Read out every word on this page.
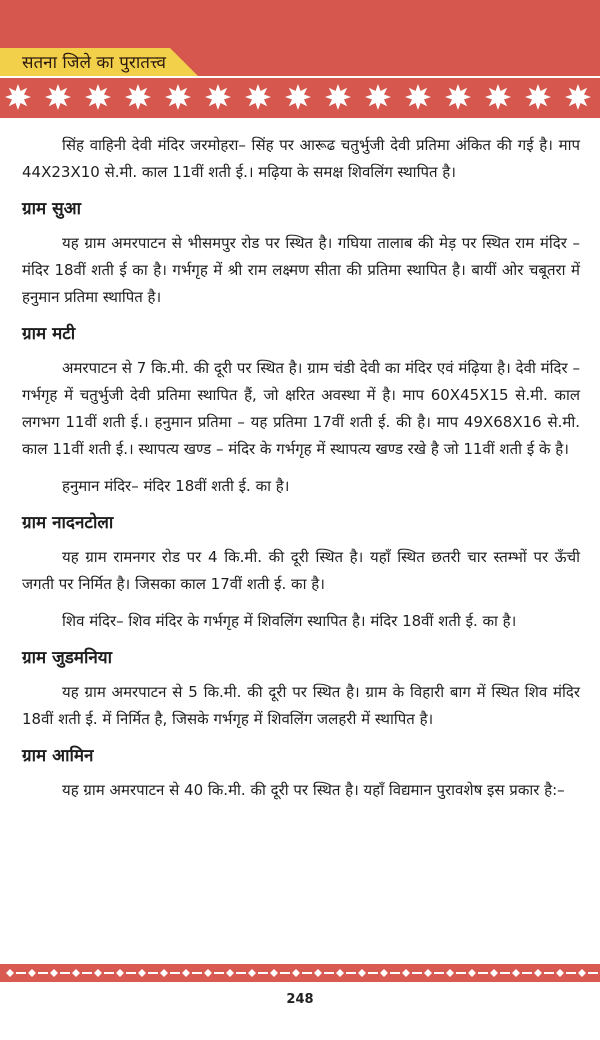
सतना जिले का पुरातत्त्व

सिंह वाहिनी देवी मंदिर जरमोहरा– सिंह पर आरूढ चतुर्भुजी देवी प्रतिमा अंकित की गई है। माप 44X23X10 से.मी. काल 11वीं शती ई.। मढ़िया के समक्ष शिवलिंग स्थापित है।

ग्राम सुआ

यह ग्राम अमरपाटन से भीसमपुर रोड पर स्थित है। गघिया तालाब की मेड़ पर स्थित राम मंदिर – मंदिर 18वीं शती ई का है। गर्भगृह में श्री राम लक्ष्मण सीता की प्रतिमा स्थापित है। बायीं ओर चबूतरा में हनुमान प्रतिमा स्थापित है।

ग्राम मटी

अमरपाटन से 7 कि.मी. की दूरी पर स्थित है। ग्राम चंडी देवी का मंदिर एवं मंढ़िया है। देवी मंदिर –गर्भगृह में चतुर्भुजी देवी प्रतिमा स्थापित हैं, जो क्षरित अवस्था में है। माप 60X45X15 से.मी. काल लगभग 11वीं शती ई.। हनुमान प्रतिमा – यह प्रतिमा 17वीं शती ई. की है। माप 49X68X16 से.मी. काल 11वीं शती ई.। स्थापत्य खण्ड – मंदिर के गर्भगृह में स्थापत्य खण्ड रखे है जो 11वीं शती ई के है।

हनुमान मंदिर– मंदिर 18वीं शती ई. का है।

ग्राम नादनटोला

यह ग्राम रामनगर रोड पर 4 कि.मी. की दूरी स्थित है। यहाँ स्थित छतरी चार स्तम्भों पर ऊँची जगती पर निर्मित है। जिसका काल 17वीं शती ई. का है।

शिव मंदिर– शिव मंदिर के गर्भगृह में शिवलिंग स्थापित है। मंदिर 18वीं शती ई. का है।

ग्राम जुडमनिया

यह ग्राम अमरपाटन से 5 कि.मी. की दूरी पर स्थित है। ग्राम के विहारी बाग में स्थित शिव मंदिर 18वीं शती ई. में निर्मित है, जिसके गर्भगृह में शिवलिंग जलहरी में स्थापित है।

ग्राम आमिन

यह ग्राम अमरपाटन से 40 कि.मी. की दूरी पर स्थित है। यहाँ विद्यमान पुरावशेष इस प्रकार है:–

248
